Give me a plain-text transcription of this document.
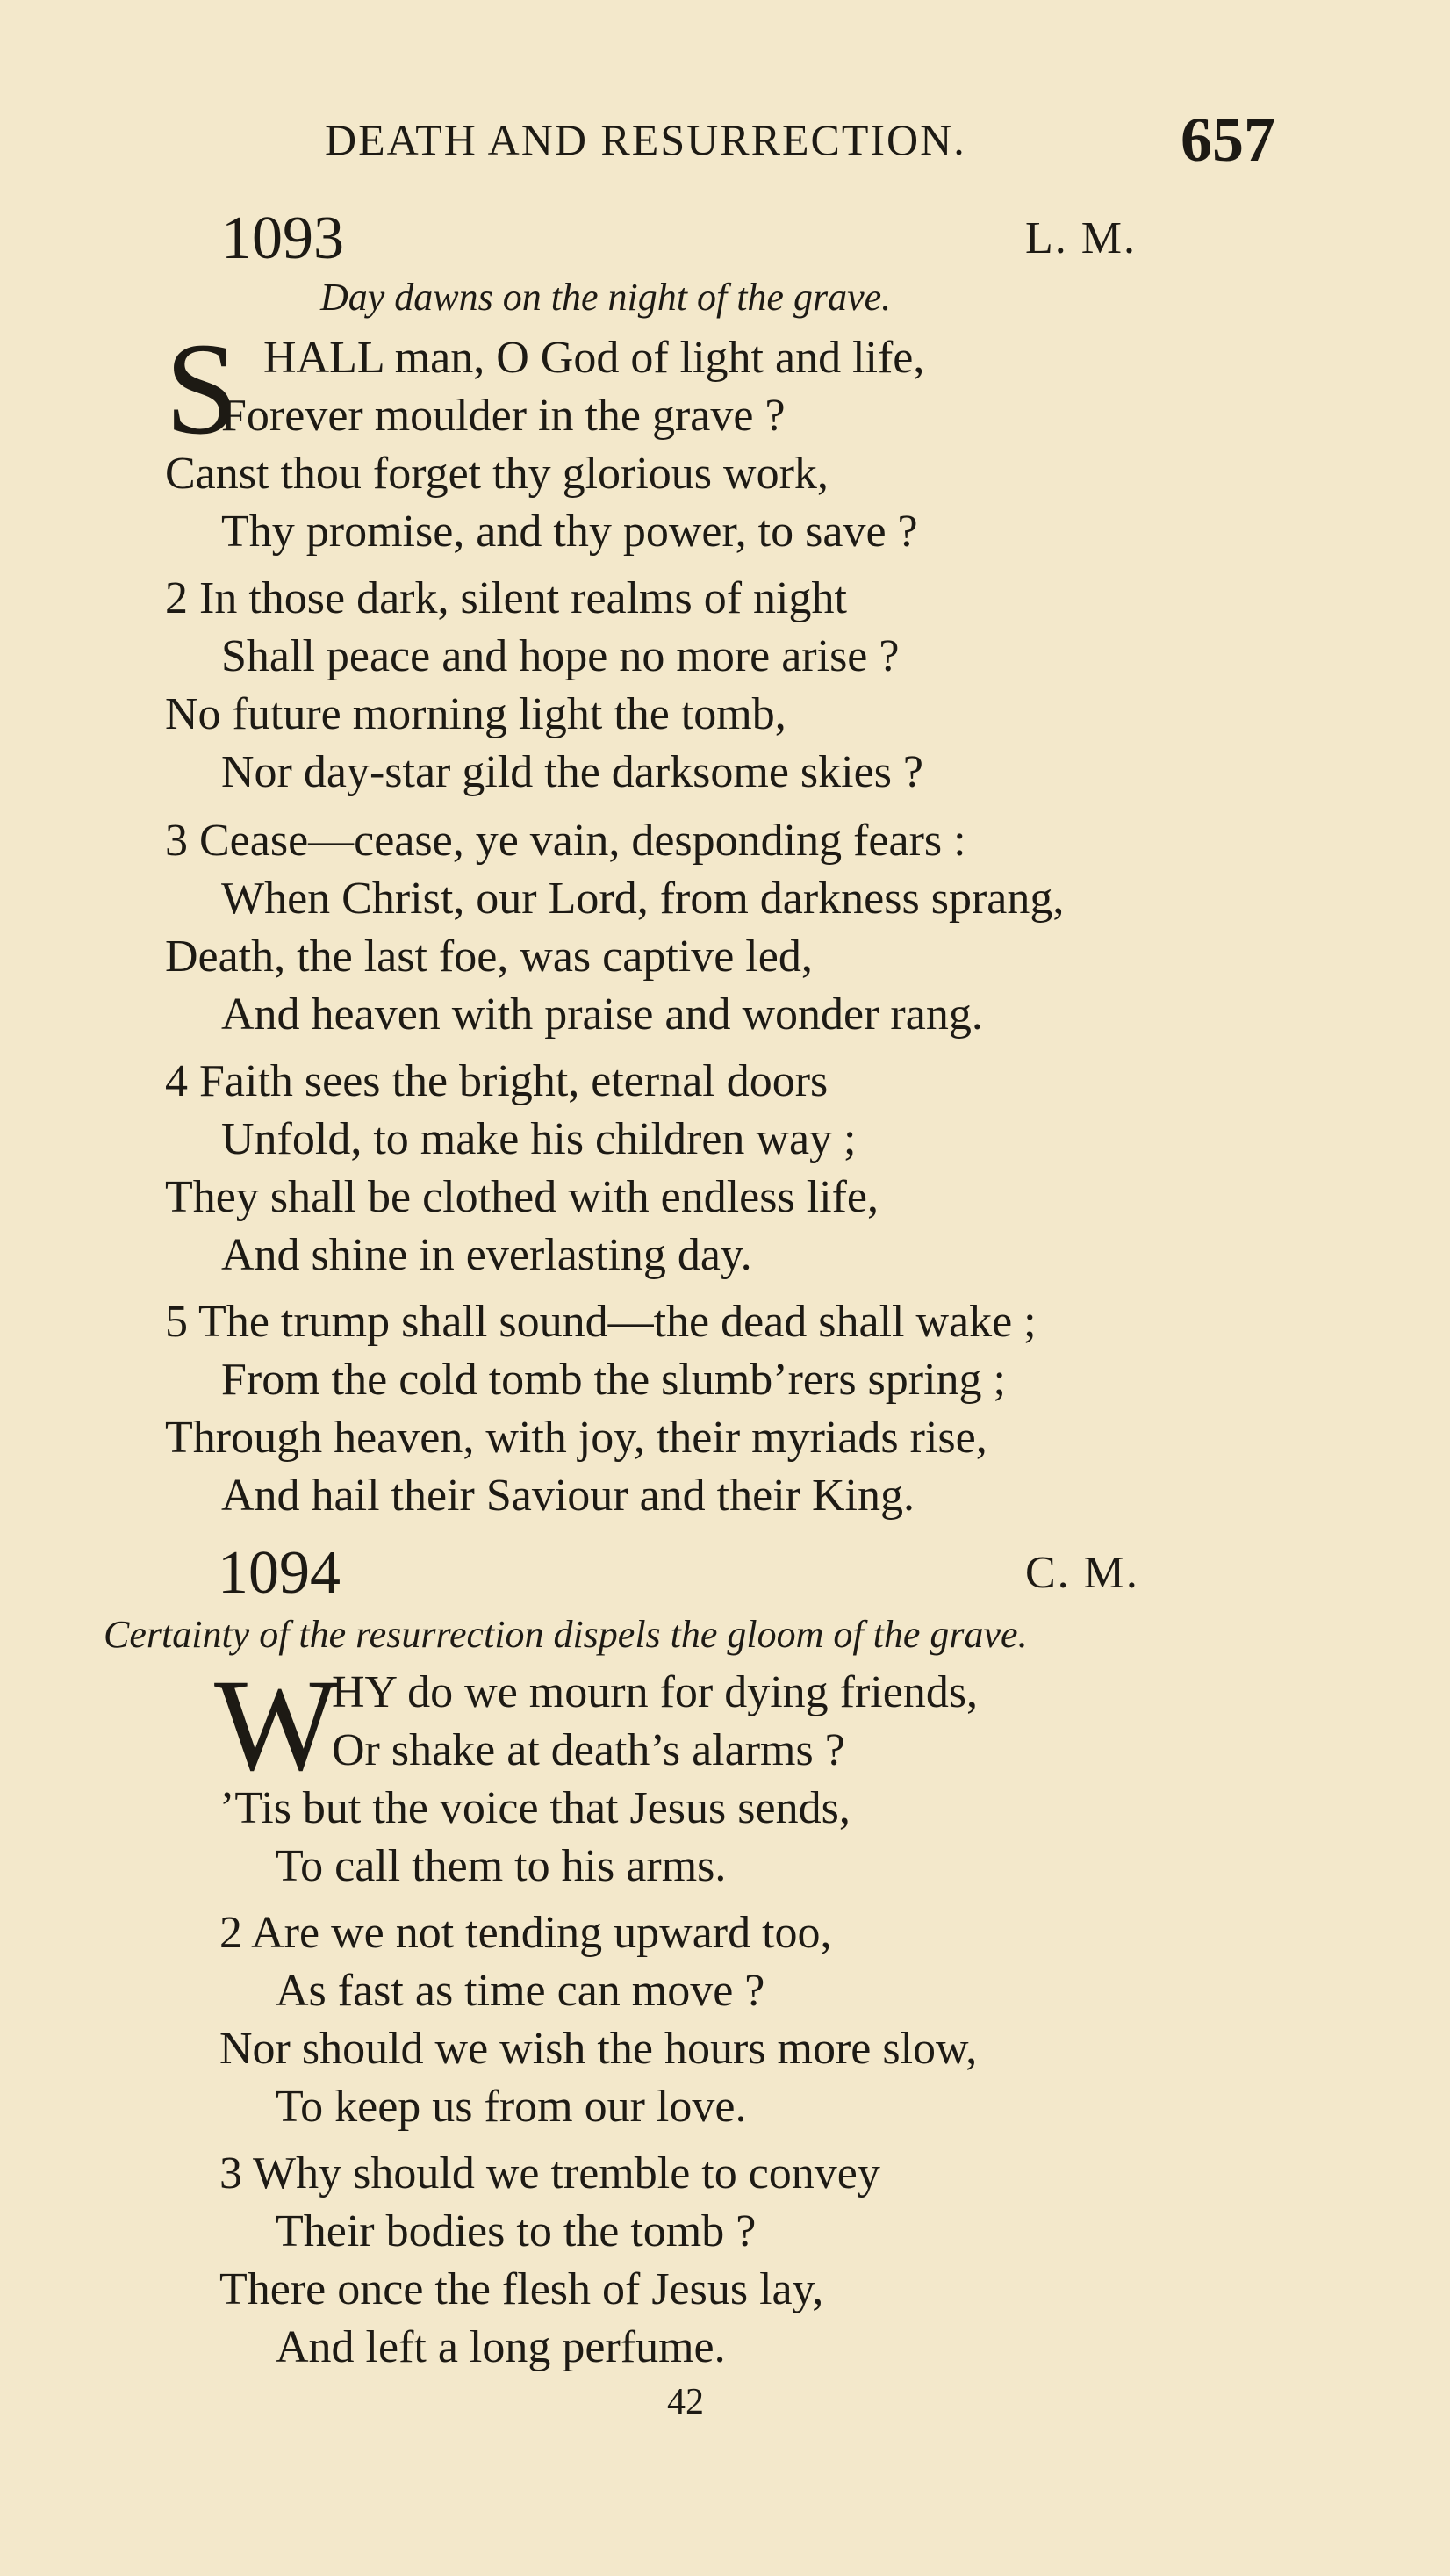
DEATH AND RESURRECTION.	657
1093	L. M.
Day dawns on the night of the grave.
S HALL man, O God of light and life,
Forever moulder in the grave ?
Canst thou forget thy glorious work,
Thy promise, and thy power, to save ?
2 In those dark, silent realms of night
Shall peace and hope no more arise ?
No future morning light the tomb,
Nor day-star gild the darksome skies ?
3 Cease—cease, ye vain, desponding fears :
When Christ, our Lord, from darkness sprang,
Death, the last foe, was captive led,
And heaven with praise and wonder rang.
4 Faith sees the bright, eternal doors
Unfold, to make his children way ;
They shall be clothed with endless life,
And shine in everlasting day.
5 The trump shall sound—the dead shall wake ;
From the cold tomb the slumb’rers spring ;
Through heaven, with joy, their myriads rise,
And hail their Saviour and their King.
1094	C. M.
Certainty of the resurrection dispels the gloom of the grave.
W
HY do we mourn for dying friends,
Or shake at death’s alarms ?
’Tis but the voice that Jesus sends,
To call them to his arms.
2 Are we not tending upward too,
As fast as time can move ?
Nor should we wish the hours more slow,
To keep us from our love.
3 Why should we tremble to convey
Their bodies to the tomb ?
There once the flesh of Jesus lay,
And left a long perfume.
42
